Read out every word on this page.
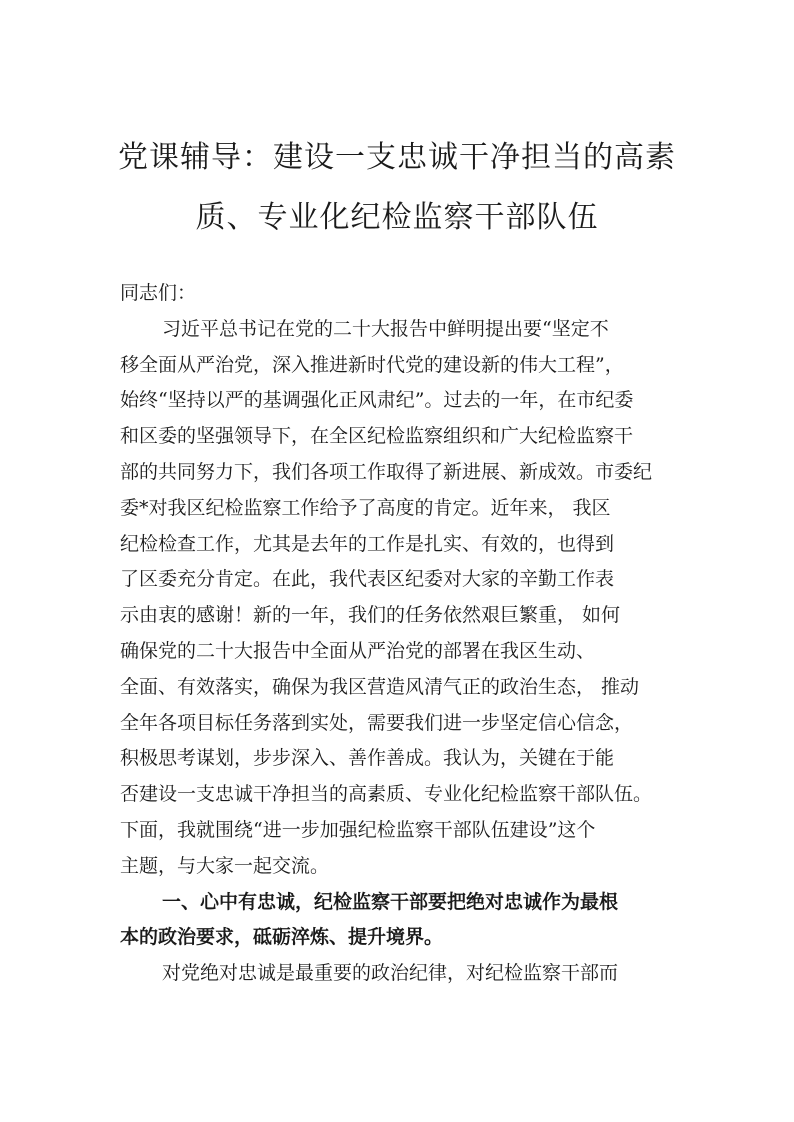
党课辅导：建设一支忠诚干净担当的高素
质、专业化纪检监察干部队伍
同志们：
习近平总书记在党的二十大报告中鲜明提出要“坚定不
移全面从严治党，深入推进新时代党的建设新的伟大工程”，
始终“坚持以严的基调强化正风肃纪”。过去的一年，在市纪委
和区委的坚强领导下，在全区纪检监察组织和广大纪检监察干
部的共同努力下，我们各项工作取得了新进展、新成效。市委纪
委*对我区纪检监察工作给予了高度的肯定。近年来， 我区
纪检检查工作，尤其是去年的工作是扎实、有效的，也得到
了区委充分肯定。在此，我代表区纪委对大家的辛勤工作表
示由衷的感谢！新的一年，我们的任务依然艰巨繁重， 如何
确保党的二十大报告中全面从严治党的部署在我区生动、
全面、有效落实，确保为我区营造风清气正的政治生态， 推动
全年各项目标任务落到实处，需要我们进一步坚定信心信念，
积极思考谋划，步步深入、善作善成。我认为，关键在于能
否建设一支忠诚干净担当的高素质、专业化纪检监察干部队伍。
下面，我就围绕“进一步加强纪检监察干部队伍建设”这个
主题，与大家一起交流。
一、心中有忠诚，纪检监察干部要把绝对忠诚作为最根
本的政治要求，砥砺淬炼、提升境界。
对党绝对忠诚是最重要的政治纪律，对纪检监察干部而
